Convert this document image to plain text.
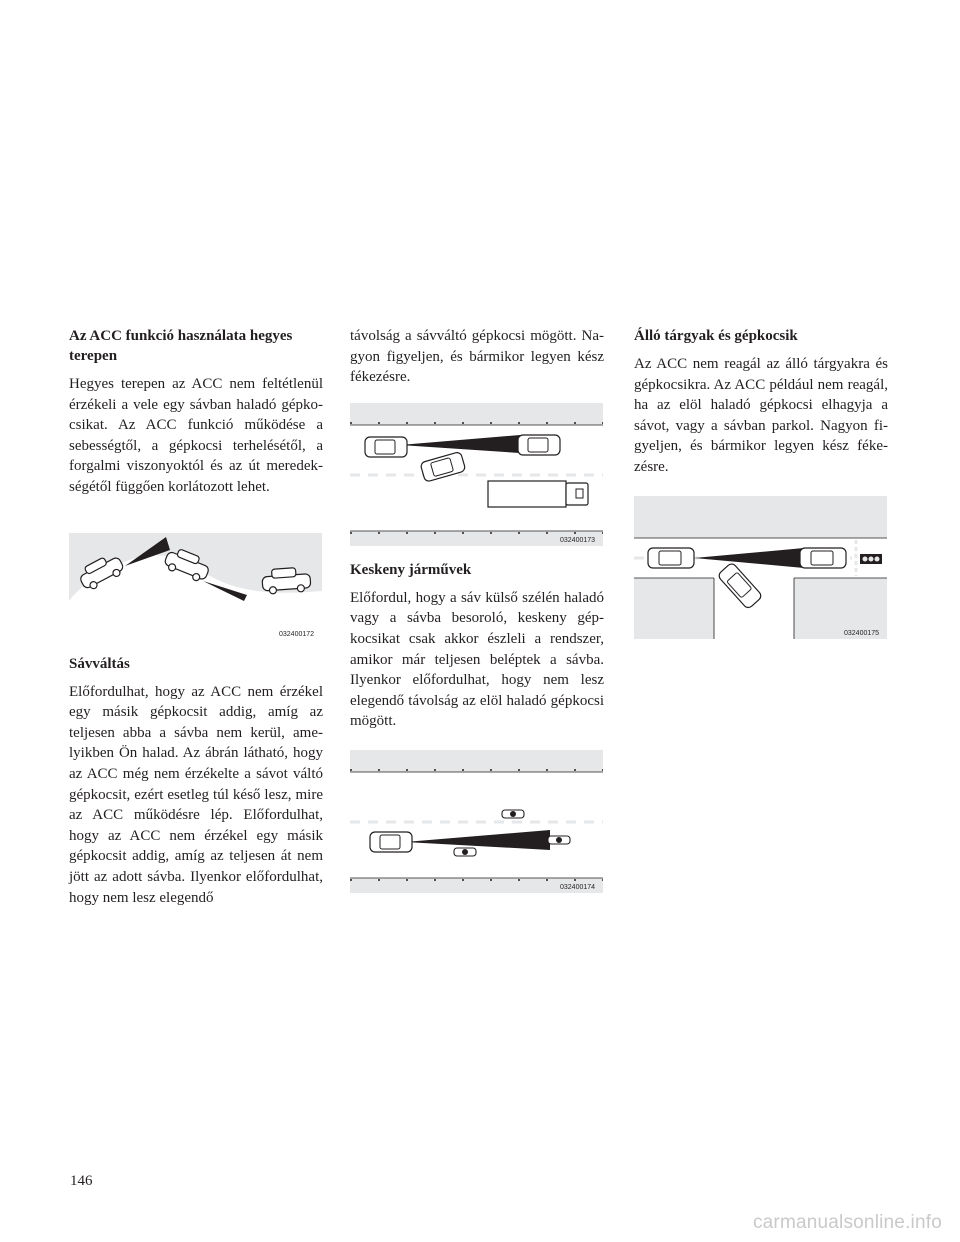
Az ACC funkció használata hegyes terepen

Hegyes terepen az ACC nem feltétlenül érzékeli a vele egy sávban haladó gépkocsikat. Az ACC funkció működése a sebességtől, a gépkocsi terhelésétől, a forgalmi viszonyoktól és az út meredekségétől függően korlátozott lehet.

032400172
Sávváltás

Előfordulhat, hogy az ACC nem érzékel egy másik gépkocsit addig, amíg az teljesen abba a sávba nem kerül, amelyikben Ön halad. Az ábrán látható, hogy az ACC még nem érzékelte a sávot váltó gépkocsit, ezért esetleg túl késő lesz, mire az ACC működésre lép. Előfordulhat, hogy az ACC nem érzékel egy másik gépkocsit addig, amíg az teljesen át nem jött az adott sávba. Ilyenkor előfordulhat, hogy nem lesz elegendő

távolság a sávváltó gépkocsi mögött. Nagyon figyeljen, és bármikor legyen kész fékezésre.

032400173
Keskeny járművek

Előfordul, hogy a sáv külső szélén haladó vagy a sávba besoroló, keskeny gépkocsikat csak akkor észleli a rendszer, amikor már teljesen beléptek a sávba. Ilyenkor előfordulhat, hogy nem lesz elegendő távolság az elöl haladó gépkocsi mögött.

032400174
Álló tárgyak és gépkocsik

Az ACC nem reagál az álló tárgyakra és gépkocsikra. Az ACC például nem reagál, ha az elöl haladó gépkocsi elhagyja a sávot, vagy a sávban parkol. Nagyon figyeljen, és bármikor legyen kész fékezésre.

032400175
146
carmanualsonline.info
